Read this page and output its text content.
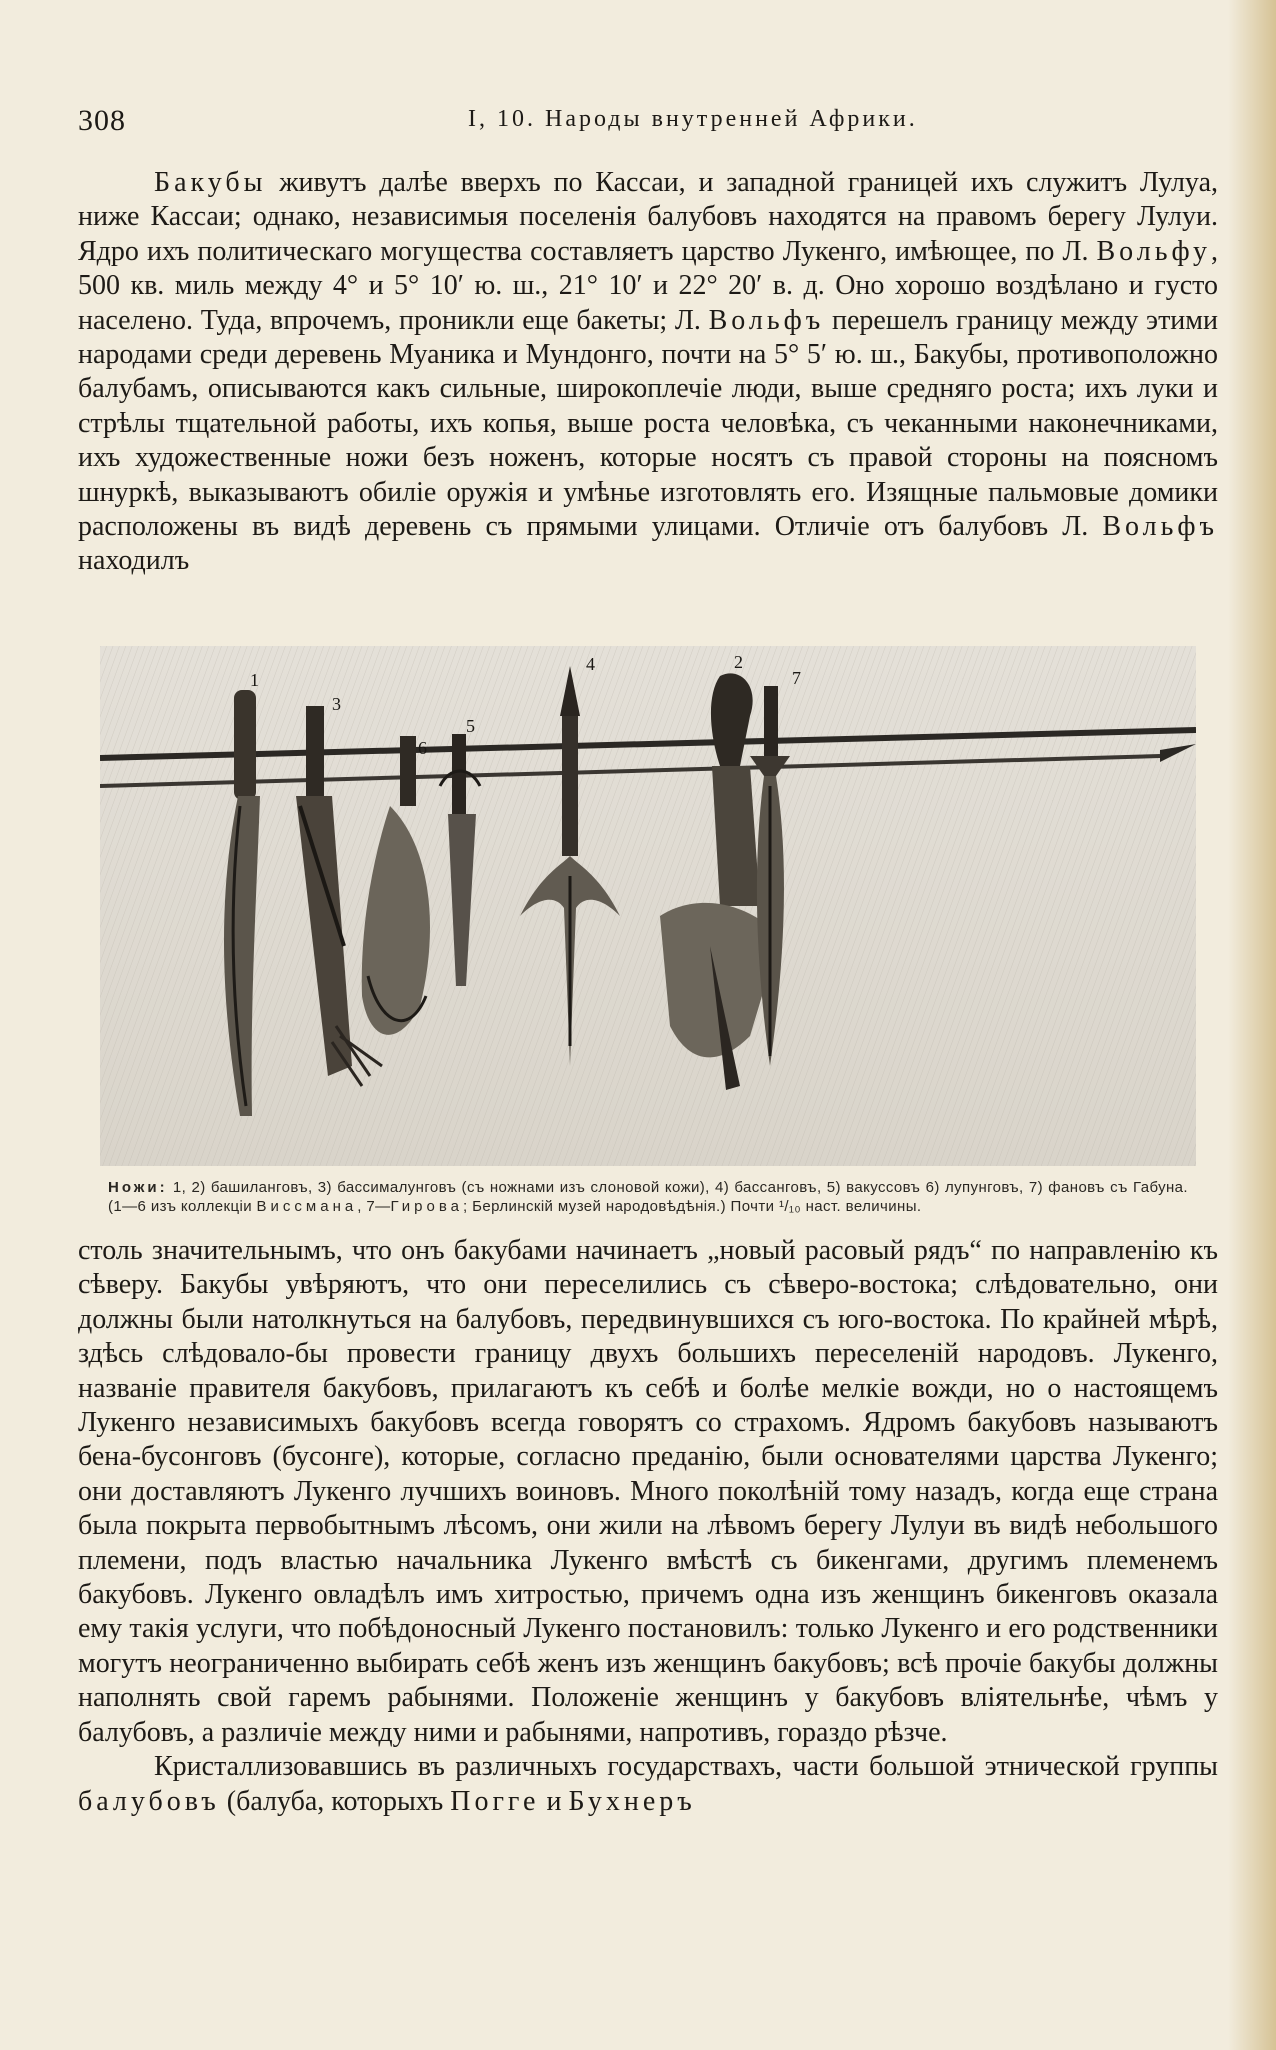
308	I, 10. Народы внутренней Африки.

Бакубы живутъ далѣе вверхъ по Кассаи, и западной границей ихъ служитъ Лулуа, ниже Кассаи; однако, независимыя поселенія балубовъ находятся на правомъ берегу Лулуи. Ядро ихъ политическаго могущества составляетъ царство Лукенго, имѣющее, по Л. Вольфу, 500 кв. миль между 4° и 5° 10′ ю. ш., 21° 10′ и 22° 20′ в. д. Оно хорошо воздѣлано и густо населено. Туда, впрочемъ, проникли еще бакеты; Л. Вольфъ перешелъ границу между этими народами среди деревень Муаника и Мундонго, почти на 5° 5′ ю. ш., Бакубы, противоположно балубамъ, описываются какъ сильные, широкоплечіе люди, выше средняго роста; ихъ луки и стрѣлы тщательной работы, ихъ копья, выше роста человѣка, съ чеканными наконечниками, ихъ художественные ножи безъ ноженъ, которые носятъ съ правой стороны на поясномъ шнуркѣ, выказываютъ обиліе оружія и умѣнье изготовлять его. Изящные пальмовые домики расположены въ видѣ деревень съ прямыми улицами. Отличіе отъ балубовъ Л. Вольфъ находилъ

1
3
6
5
4	2
7
Ножи: 1, 2) башиланговъ, 3) бассималунговъ (съ ножнами изъ слоновой кожи), 4) бассанговъ, 5) вакуссовъ 6) лупунговъ, 7) фановъ съ Габуна. (1—6 изъ коллекціи Виссмана, 7—Гирова; Берлинскій музей народовѣдѣнія.) Почти ¹/₁₀ наст. величины.

столь значительнымъ, что онъ бакубами начинаетъ „новый расовый рядъ“ по направленію къ сѣверу. Бакубы увѣряютъ, что они переселились съ сѣверо-востока; слѣдовательно, они должны были натолкнуться на балубовъ, передвинувшихся съ юго-востока. По крайней мѣрѣ, здѣсь слѣдовало-бы провести границу двухъ большихъ переселеній народовъ. Лукенго, названіе правителя бакубовъ, прилагаютъ къ себѣ и болѣе мелкіе вожди, но о настоящемъ Лукенго независимыхъ бакубовъ всегда говорятъ со страхомъ. Ядромъ бакубовъ называютъ бена-бусонговъ (бусонге), которые, согласно преданію, были основателями царства Лукенго; они доставляютъ Лукенго лучшихъ воиновъ. Много поколѣній тому назадъ, когда еще страна была покрыта первобытнымъ лѣсомъ, они жили на лѣвомъ берегу Лулуи въ видѣ небольшого племени, подъ властью начальника Лукенго вмѣстѣ съ бикенгами, другимъ племенемъ бакубовъ. Лукенго овладѣлъ имъ хитростью, причемъ одна изъ женщинъ бикенговъ оказала ему такія услуги, что побѣдоносный Лукенго постановилъ: только Лукенго и его родственники могутъ неограниченно выбирать себѣ женъ изъ женщинъ бакубовъ; всѣ прочіе бакубы должны наполнять свой гаремъ рабынями. Положеніе женщинъ у бакубовъ вліятельнѣе, чѣмъ у балубовъ, а различіе между ними и рабынями, напротивъ, гораздо рѣзче.

Кристаллизовавшись въ различныхъ государствахъ, части большой этнической группы балубовъ (балуба, которыхъ Погге и Бухнеръ
